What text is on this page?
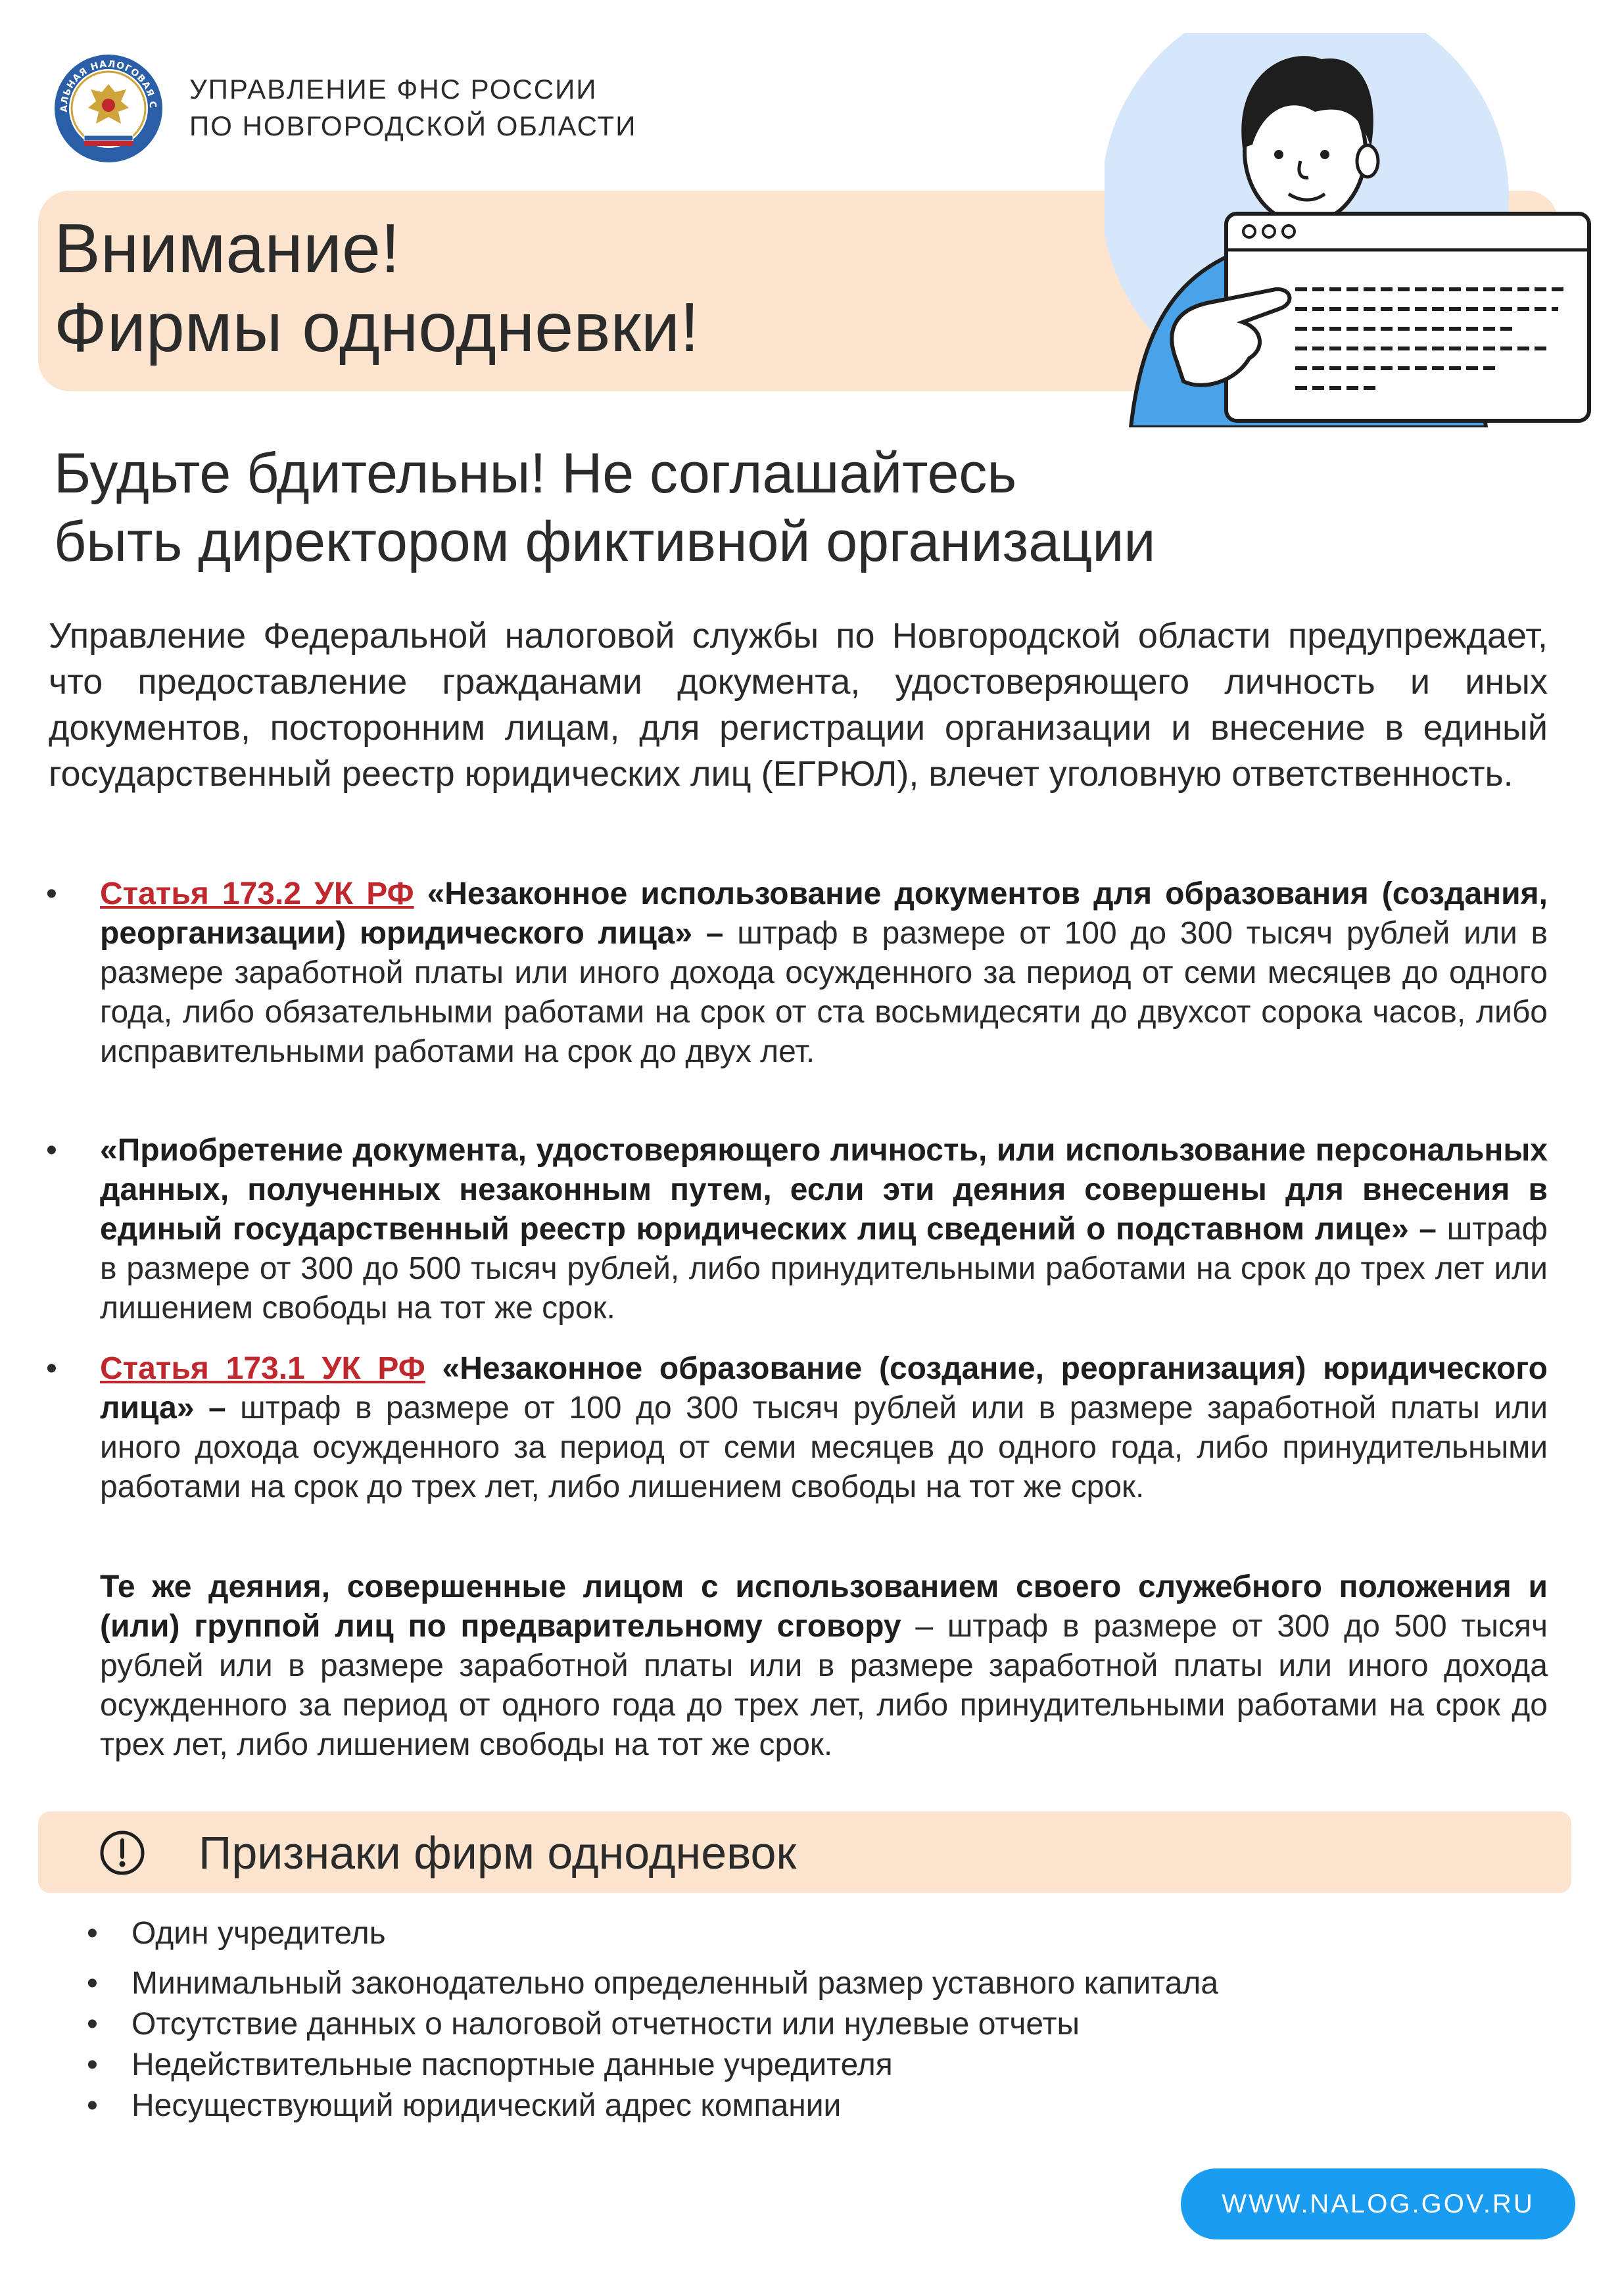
АЛЬНАЯ НАЛОГОВАЯ С
УПРАВЛЕНИЕ ФНС РОССИИ
ПО НОВГОРОДСКОЙ ОБЛАСТИ
Внимание!
Фирмы однодневки!
Будьте бдительны! Не соглашайтесь
быть директором фиктивной организации
Управление Федеральной налоговой службы по Новгородской области предупреждает, что предоставление гражданами документа, удостоверяющего личность и иных документов, посторонним лицам, для регистрации организации и внесение в единый государственный реестр юридических лиц (ЕГРЮЛ), влечет уголовную ответственность.
• Статья 173.2 УК РФ «Незаконное использование документов для образования (создания, реорганизации) юридического лица» – штраф в размере от 100 до 300 тысяч рублей или в размере заработной платы или иного дохода осужденного за период от семи месяцев до одного года, либо обязательными работами на срок от ста восьмидесяти до двухсот сорока часов, либо исправительными работами на срок до двух лет.
• «Приобретение документа, удостоверяющего личность, или использование персональных данных, полученных незаконным путем, если эти деяния совершены для внесения в единый государственный реестр юридических лиц сведений о подставном лице» – штраф в размере от 300 до 500 тысяч рублей, либо принудительными работами на срок до трех лет или лишением свободы на тот же срок.
• Статья 173.1 УК РФ «Незаконное образование (создание, реорганизация) юридического лица» – штраф в размере от 100 до 300 тысяч рублей или в размере заработной платы или иного дохода осужденного за период от семи месяцев до одного года, либо принудительными работами на срок до трех лет, либо лишением свободы на тот же срок.
Те же деяния, совершенные лицом с использованием своего служебного положения и (или) группой лиц по предварительному сговору – штраф в размере от 300 до 500 тысяч рублей или в размере заработной платы или в размере заработной платы или иного дохода осужденного за период от одного года до трех лет, либо принудительными работами на срок до трех лет, либо лишением свободы на тот же срок.
Признаки фирм однодневок
• Один учредитель
• Минимальный законодательно определенный размер уставного капитала
• Отсутствие данных о налоговой отчетности или нулевые отчеты
• Недействительные паспортные данные учредителя
• Несуществующий юридический адрес компании
WWW.NALOG.GOV.RU
